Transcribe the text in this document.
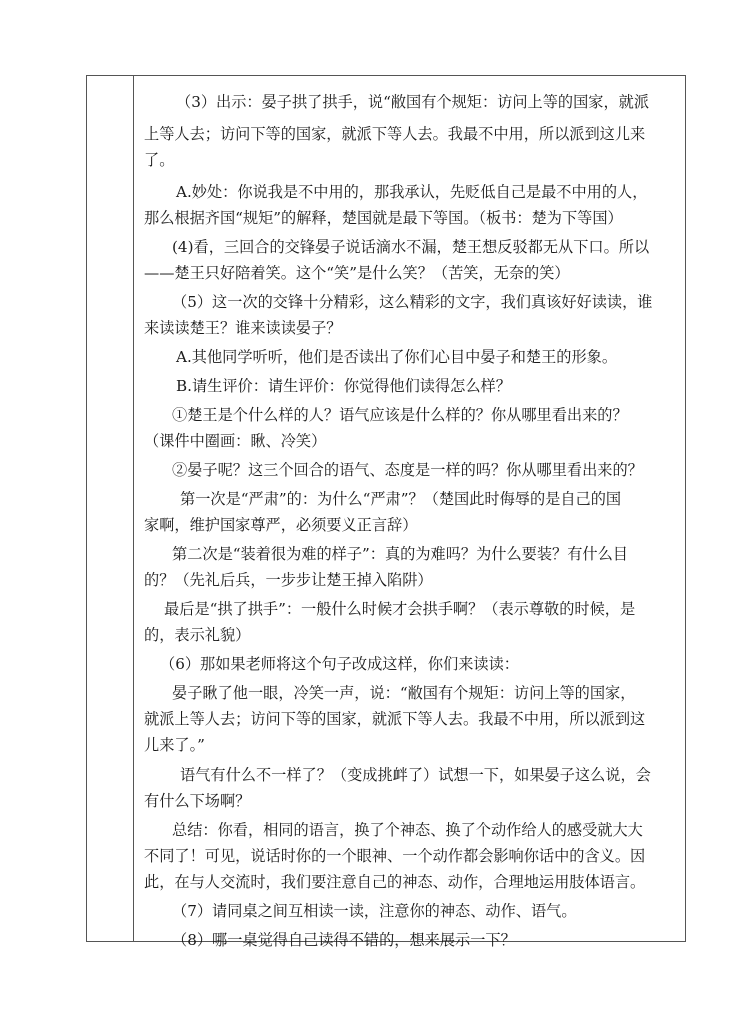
（3）出示：晏子拱了拱手，说“敝国有个规矩：访问上等的国家，就派
上等人去；访问下等的国家，就派下等人去。我最不中用，所以派到这儿来
了。
A.妙处：你说我是不中用的，那我承认，先贬低自己是最不中用的人，
那么根据齐国“规矩”的解释，楚国就是最下等国。（板书：楚为下等国）
(4)看，三回合的交锋晏子说话滴水不漏，楚王想反驳都无从下口。所以
——楚王只好陪着笑。这个“笑”是什么笑？（苦笑，无奈的笑）
（5）这一次的交锋十分精彩，这么精彩的文字，我们真该好好读读，谁
来读读楚王？谁来读读晏子？
A.其他同学听听，他们是否读出了你们心目中晏子和楚王的形象。
B.请生评价：请生评价：你觉得他们读得怎么样？
①楚王是个什么样的人？语气应该是什么样的？你从哪里看出来的？
（课件中圈画：瞅、冷笑）
②晏子呢？这三个回合的语气、态度是一样的吗？你从哪里看出来的？
第一次是“严肃”的：为什么“严肃”？（楚国此时侮辱的是自己的国
家啊，维护国家尊严，必须要义正言辞）
第二次是“装着很为难的样子”：真的为难吗？为什么要装？有什么目
的？（先礼后兵，一步步让楚王掉入陷阱）
最后是“拱了拱手”：一般什么时候才会拱手啊？（表示尊敬的时候，是
的，表示礼貌）
（6）那如果老师将这个句子改成这样，你们来读读：
晏子瞅了他一眼，冷笑一声，说：“敝国有个规矩：访问上等的国家，
就派上等人去；访问下等的国家，就派下等人去。我最不中用，所以派到这
儿来了。”
语气有什么不一样了？（变成挑衅了）试想一下，如果晏子这么说，会
有什么下场啊？
总结：你看，相同的语言，换了个神态、换了个动作给人的感受就大大
不同了！可见，说话时你的一个眼神、一个动作都会影响你话中的含义。因
此，在与人交流时，我们要注意自己的神态、动作，合理地运用肢体语言。
（7）请同桌之间互相读一读，注意你的神态、动作、语气。
（8）哪一桌觉得自己读得不错的，想来展示一下？
